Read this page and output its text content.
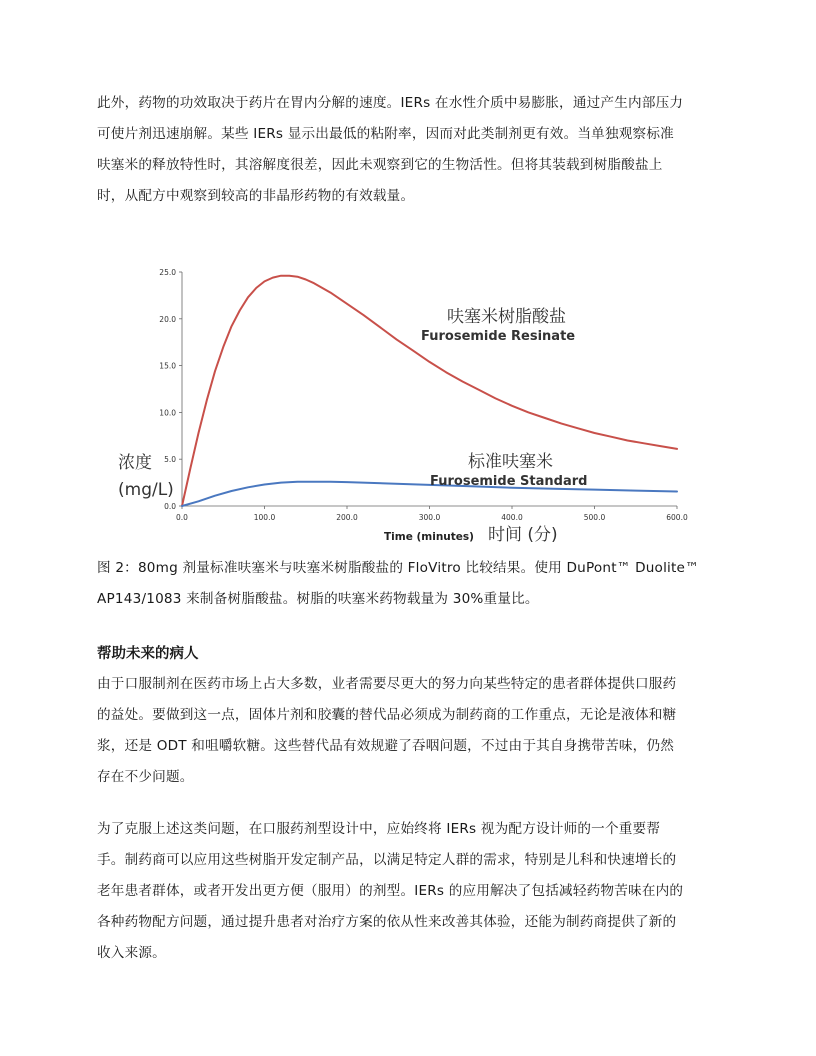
此外，药物的功效取决于药片在胃内分解的速度。IERs 在水性介质中易膨胀，通过产生内部压力
可使片剂迅速崩解。某些 IERs 显示出最低的粘附率，因而对此类制剂更有效。当单独观察标准
呋塞米的释放特性时，其溶解度很差，因此未观察到它的生物活性。但将其装载到树脂酸盐上
时，从配方中观察到较高的非晶形药物的有效载量。
0.0	100.0	200.0	300.0	400.0	500.0	600.0
0.0
5.0
10.0
15.0
20.0
25.0
Time (minutes) 时间 (分)
浓度
(mg/L)
呋塞米树脂酸盐
Furosemide Resinate
标准呋塞米
Furosemide Standard
图 2：80mg 剂量标准呋塞米与呋塞米树脂酸盐的 FloVitro 比较结果。使用 DuPont™ Duolite™
AP143/1083 来制备树脂酸盐。树脂的呋塞米药物载量为 30%重量比。
帮助未来的病人
由于口服制剂在医药市场上占大多数，业者需要尽更大的努力向某些特定的患者群体提供口服药
的益处。要做到这一点，固体片剂和胶囊的替代品必须成为制药商的工作重点，无论是液体和糖
浆，还是 ODT 和咀嚼软糖。这些替代品有效规避了吞咽问题，不过由于其自身携带苦味，仍然
存在不少问题。
为了克服上述这类问题，在口服药剂型设计中，应始终将 IERs 视为配方设计师的一个重要帮
手。制药商可以应用这些树脂开发定制产品，以满足特定人群的需求，特别是儿科和快速增长的
老年患者群体，或者开发出更方便（服用）的剂型。IERs 的应用解决了包括减轻药物苦味在内的
各种药物配方问题，通过提升患者对治疗方案的依从性来改善其体验，还能为制药商提供了新的
收入来源。
